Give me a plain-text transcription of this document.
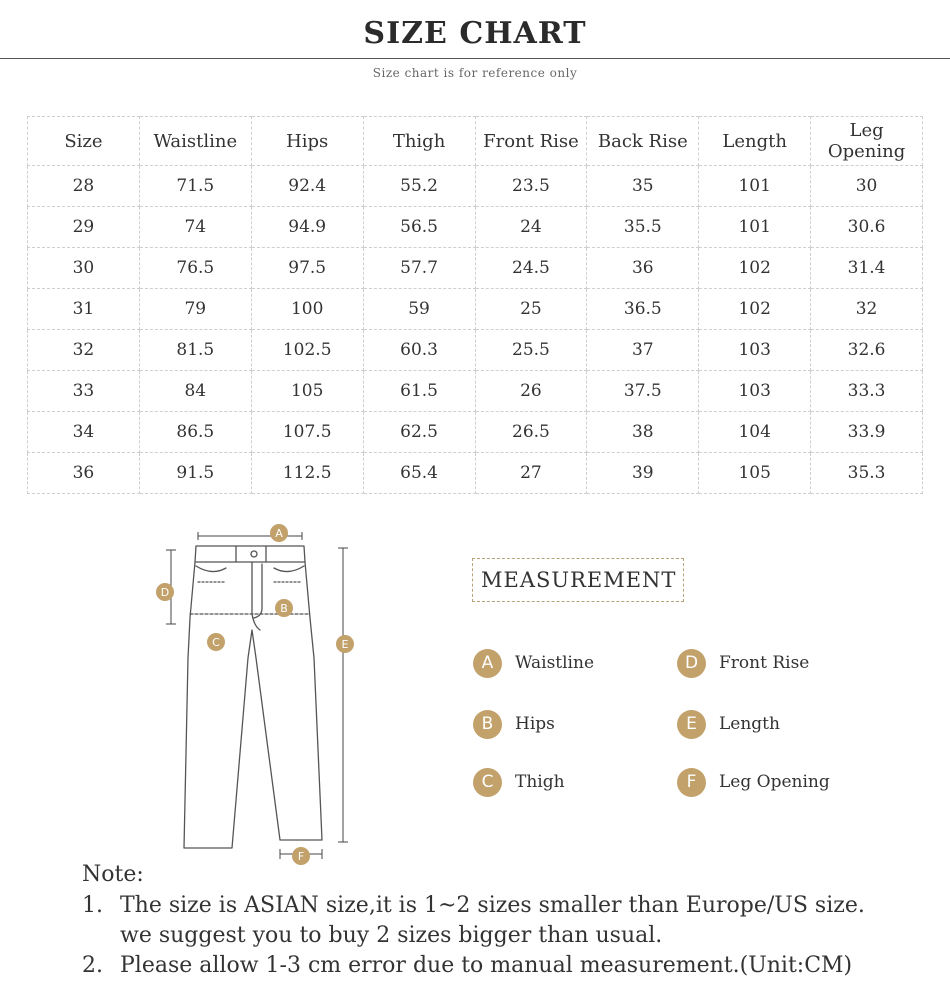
SIZE CHART
Size chart is for reference only
Size	Waistline	Hips	Thigh	Front Rise	Back Rise	Length	Leg Opening
28	71.5	92.4	55.2	23.5	35	101	30
29	74	94.9	56.5	24	35.5	101	30.6
30	76.5	97.5	57.7	24.5	36	102	31.4
31	79	100	59	25	36.5	102	32
32	81.5	102.5	60.3	25.5	37	103	32.6
33	84	105	61.5	26	37.5	103	33.3
34	86.5	107.5	62.5	26.5	38	104	33.9
36	91.5	112.5	65.4	27	39	105	35.3
A
B
C
D
E
F
MEASUREMENT
A	Waistline
B	Hips
C	Thigh
D	Front Rise
E	Length
F	Leg Opening
Note:
1. The size is ASIAN size,it is 1~2 sizes smaller than Europe/US size.
we suggest you to buy 2 sizes bigger than usual.
2. Please allow 1-3 cm error due to manual measurement.(Unit:CM)
